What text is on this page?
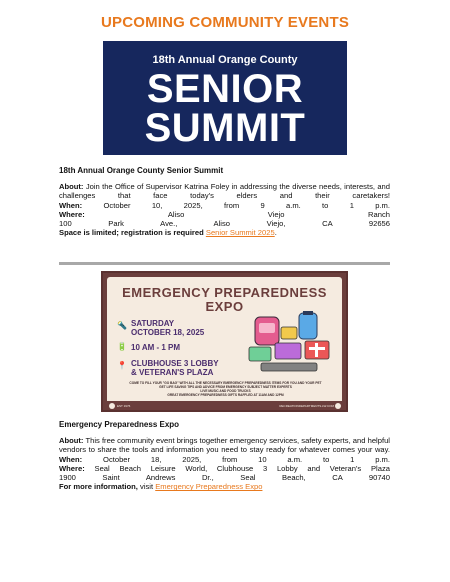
UPCOMING COMMUNITY EVENTS
18th Annual Orange County
SENIOR
SUMMIT
18th Annual Orange County Senior Summit
About: Join the Office of Supervisor Katrina Foley in addressing the diverse needs, interests, and challenges that face today's elders and their caretakers!
When:	October 10, 2025, from 9 a.m. to 1 p.m.
Where:	Aliso Viejo Ranch
100 Park Ave., Aliso Viejo, CA 92656
Space is limited; registration is required Senior Summit 2025.
EMERGENCY PREPAREDNESS
EXPO
🔦 SATURDAY
OCTOBER 18, 2025
🔋 10 AM - 1 PM
📍 CLUBHOUSE 3 LOBBY
& VETERAN'S PLAZA
COME TO FILL YOUR "GO BAG" WITH ALL THE NECESSARY EMERGENCY PREPAREDNESS ITEMS FOR YOU AND YOUR PET
GET LIFE SAVING TIPS AND ADVICE FROM EMERGENCY SUBJECT MATTER EXPERTS
LIVE MUSIC AND FOOD TRUCKS
GREAT EMERGENCY PREPAREDNESS GIFTS RAFFLED AT 11AM AND 12PM
EST 1976	RECREATIONDEPARTMENTS.LW.COM
Emergency Preparedness Expo
About: This free community event brings together emergency services, safety experts, and helpful vendors to share the tools and information you need to stay ready for whatever comes your way.
When:	October 18, 2025, from 10 a.m. to 1 p.m.
Where: Seal Beach Leisure World, Clubhouse 3 Lobby and Veteran's Plaza
1900 Saint Andrews Dr., Seal Beach, CA 90740
For more information, visit Emergency Preparedness Expo
